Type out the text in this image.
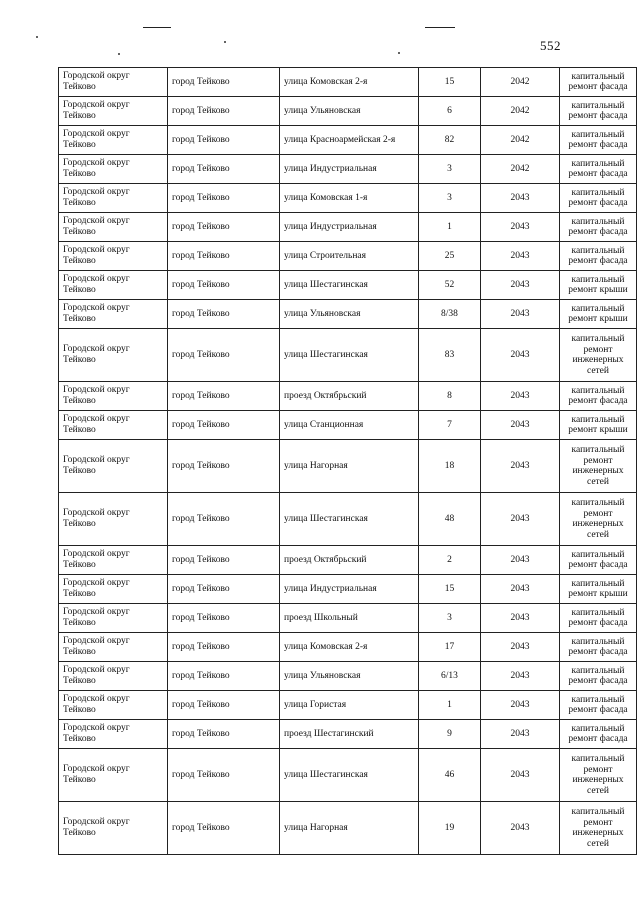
552
Городской округ Тейково	город Тейково	улица Комовская 2-я	15	2042	капитальный ремонт фасада
Городской округ Тейково	город Тейково	улица Ульяновская	6	2042	капитальный ремонт фасада
Городской округ Тейково	город Тейково	улица Красноармейская 2-я	82	2042	капитальный ремонт фасада
Городской округ Тейково	город Тейково	улица Индустриальная	3	2042	капитальный ремонт фасада
Городской округ Тейково	город Тейково	улица Комовская 1-я	3	2043	капитальный ремонт фасада
Городской округ Тейково	город Тейково	улица Индустриальная	1	2043	капитальный ремонт фасада
Городской округ Тейково	город Тейково	улица Строительная	25	2043	капитальный ремонт фасада
Городской округ Тейково	город Тейково	улица Шестагинская	52	2043	капитальный ремонт крыши
Городской округ Тейково	город Тейково	улица Ульяновская	8/38	2043	капитальный ремонт крыши
Городской округ Тейково	город Тейково	улица Шестагинская	83	2043	капитальный ремонт инженерных сетей
Городской округ Тейково	город Тейково	проезд Октябрьский	8	2043	капитальный ремонт фасада
Городской округ Тейково	город Тейково	улица Станционная	7	2043	капитальный ремонт крыши
Городской округ Тейково	город Тейково	улица Нагорная	18	2043	капитальный ремонт инженерных сетей
Городской округ Тейково	город Тейково	улица Шестагинская	48	2043	капитальный ремонт инженерных сетей
Городской округ Тейково	город Тейково	проезд Октябрьский	2	2043	капитальный ремонт фасада
Городской округ Тейково	город Тейково	улица Индустриальная	15	2043	капитальный ремонт крыши
Городской округ Тейково	город Тейково	проезд Школьный	3	2043	капитальный ремонт фасада
Городской округ Тейково	город Тейково	улица Комовская 2-я	17	2043	капитальный ремонт фасада
Городской округ Тейково	город Тейково	улица Ульяновская	6/13	2043	капитальный ремонт фасада
Городской округ Тейково	город Тейково	улица Гористая	1	2043	капитальный ремонт фасада
Городской округ Тейково	город Тейково	проезд Шестагинский	9	2043	капитальный ремонт фасада
Городской округ Тейково	город Тейково	улица Шестагинская	46	2043	капитальный ремонт инженерных сетей
Городской округ Тейково	город Тейково	улица Нагорная	19	2043	капитальный ремонт инженерных сетей
